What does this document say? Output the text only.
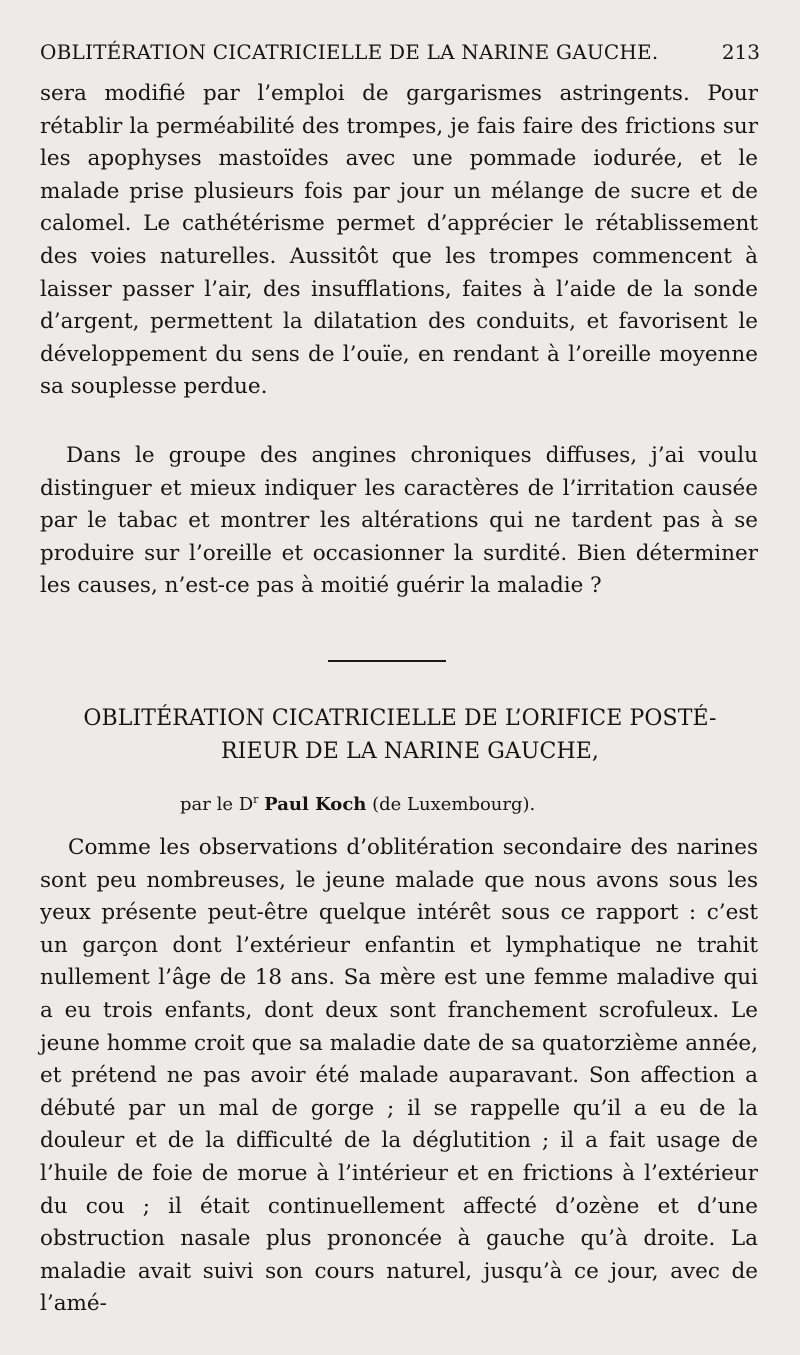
OBLITÉRATION CICATRICIELLE DE LA NARINE GAUCHE.	213

sera modifié par l’emploi de gargarismes astringents. Pour rétablir la perméabilité des trompes, je fais faire des frictions sur les apophyses mastoïdes avec une pommade iodurée, et le malade prise plusieurs fois par jour un mélange de sucre et de calomel. Le cathétérisme permet d’apprécier le rétablissement des voies naturelles. Aussitôt que les trompes commencent à laisser passer l’air, des insufflations, faites à l’aide de la sonde d’argent, permettent la dilatation des conduits, et favorisent le développement du sens de l’ouïe, en rendant à l’oreille moyenne sa souplesse perdue.

Dans le groupe des angines chroniques diffuses, j’ai voulu distinguer et mieux indiquer les caractères de l’irritation causée par le tabac et montrer les altérations qui ne tardent pas à se produire sur l’oreille et occasionner la surdité. Bien déterminer les causes, n’est-ce pas à moitié guérir la maladie ?

OBLITÉRATION CICATRICIELLE DE L’ORIFICE POSTÉ-
RIEUR DE LA NARINE GAUCHE,
par le $D^r$ Paul Koch (de Luxembourg).

Comme les observations d’oblitération secondaire des narines sont peu nombreuses, le jeune malade que nous avons sous les yeux présente peut-être quelque intérêt sous ce rapport : c’est un garçon dont l’extérieur enfantin et lymphatique ne trahit nullement l’âge de 18 ans. Sa mère est une femme maladive qui a eu trois enfants, dont deux sont franchement scrofuleux. Le jeune homme croit que sa maladie date de sa quatorzième année, et prétend ne pas avoir été malade auparavant. Son affection a débuté par un mal de gorge ; il se rappelle qu’il a eu de la douleur et de la difficulté de la déglutition ; il a fait usage de l’huile de foie de morue à l’intérieur et en frictions à l’extérieur du cou ; il était continuellement affecté d’ozène et d’une obstruction nasale plus prononcée à gauche qu’à droite. La maladie avait suivi son cours naturel, jusqu’à ce jour, avec de l’amé-
